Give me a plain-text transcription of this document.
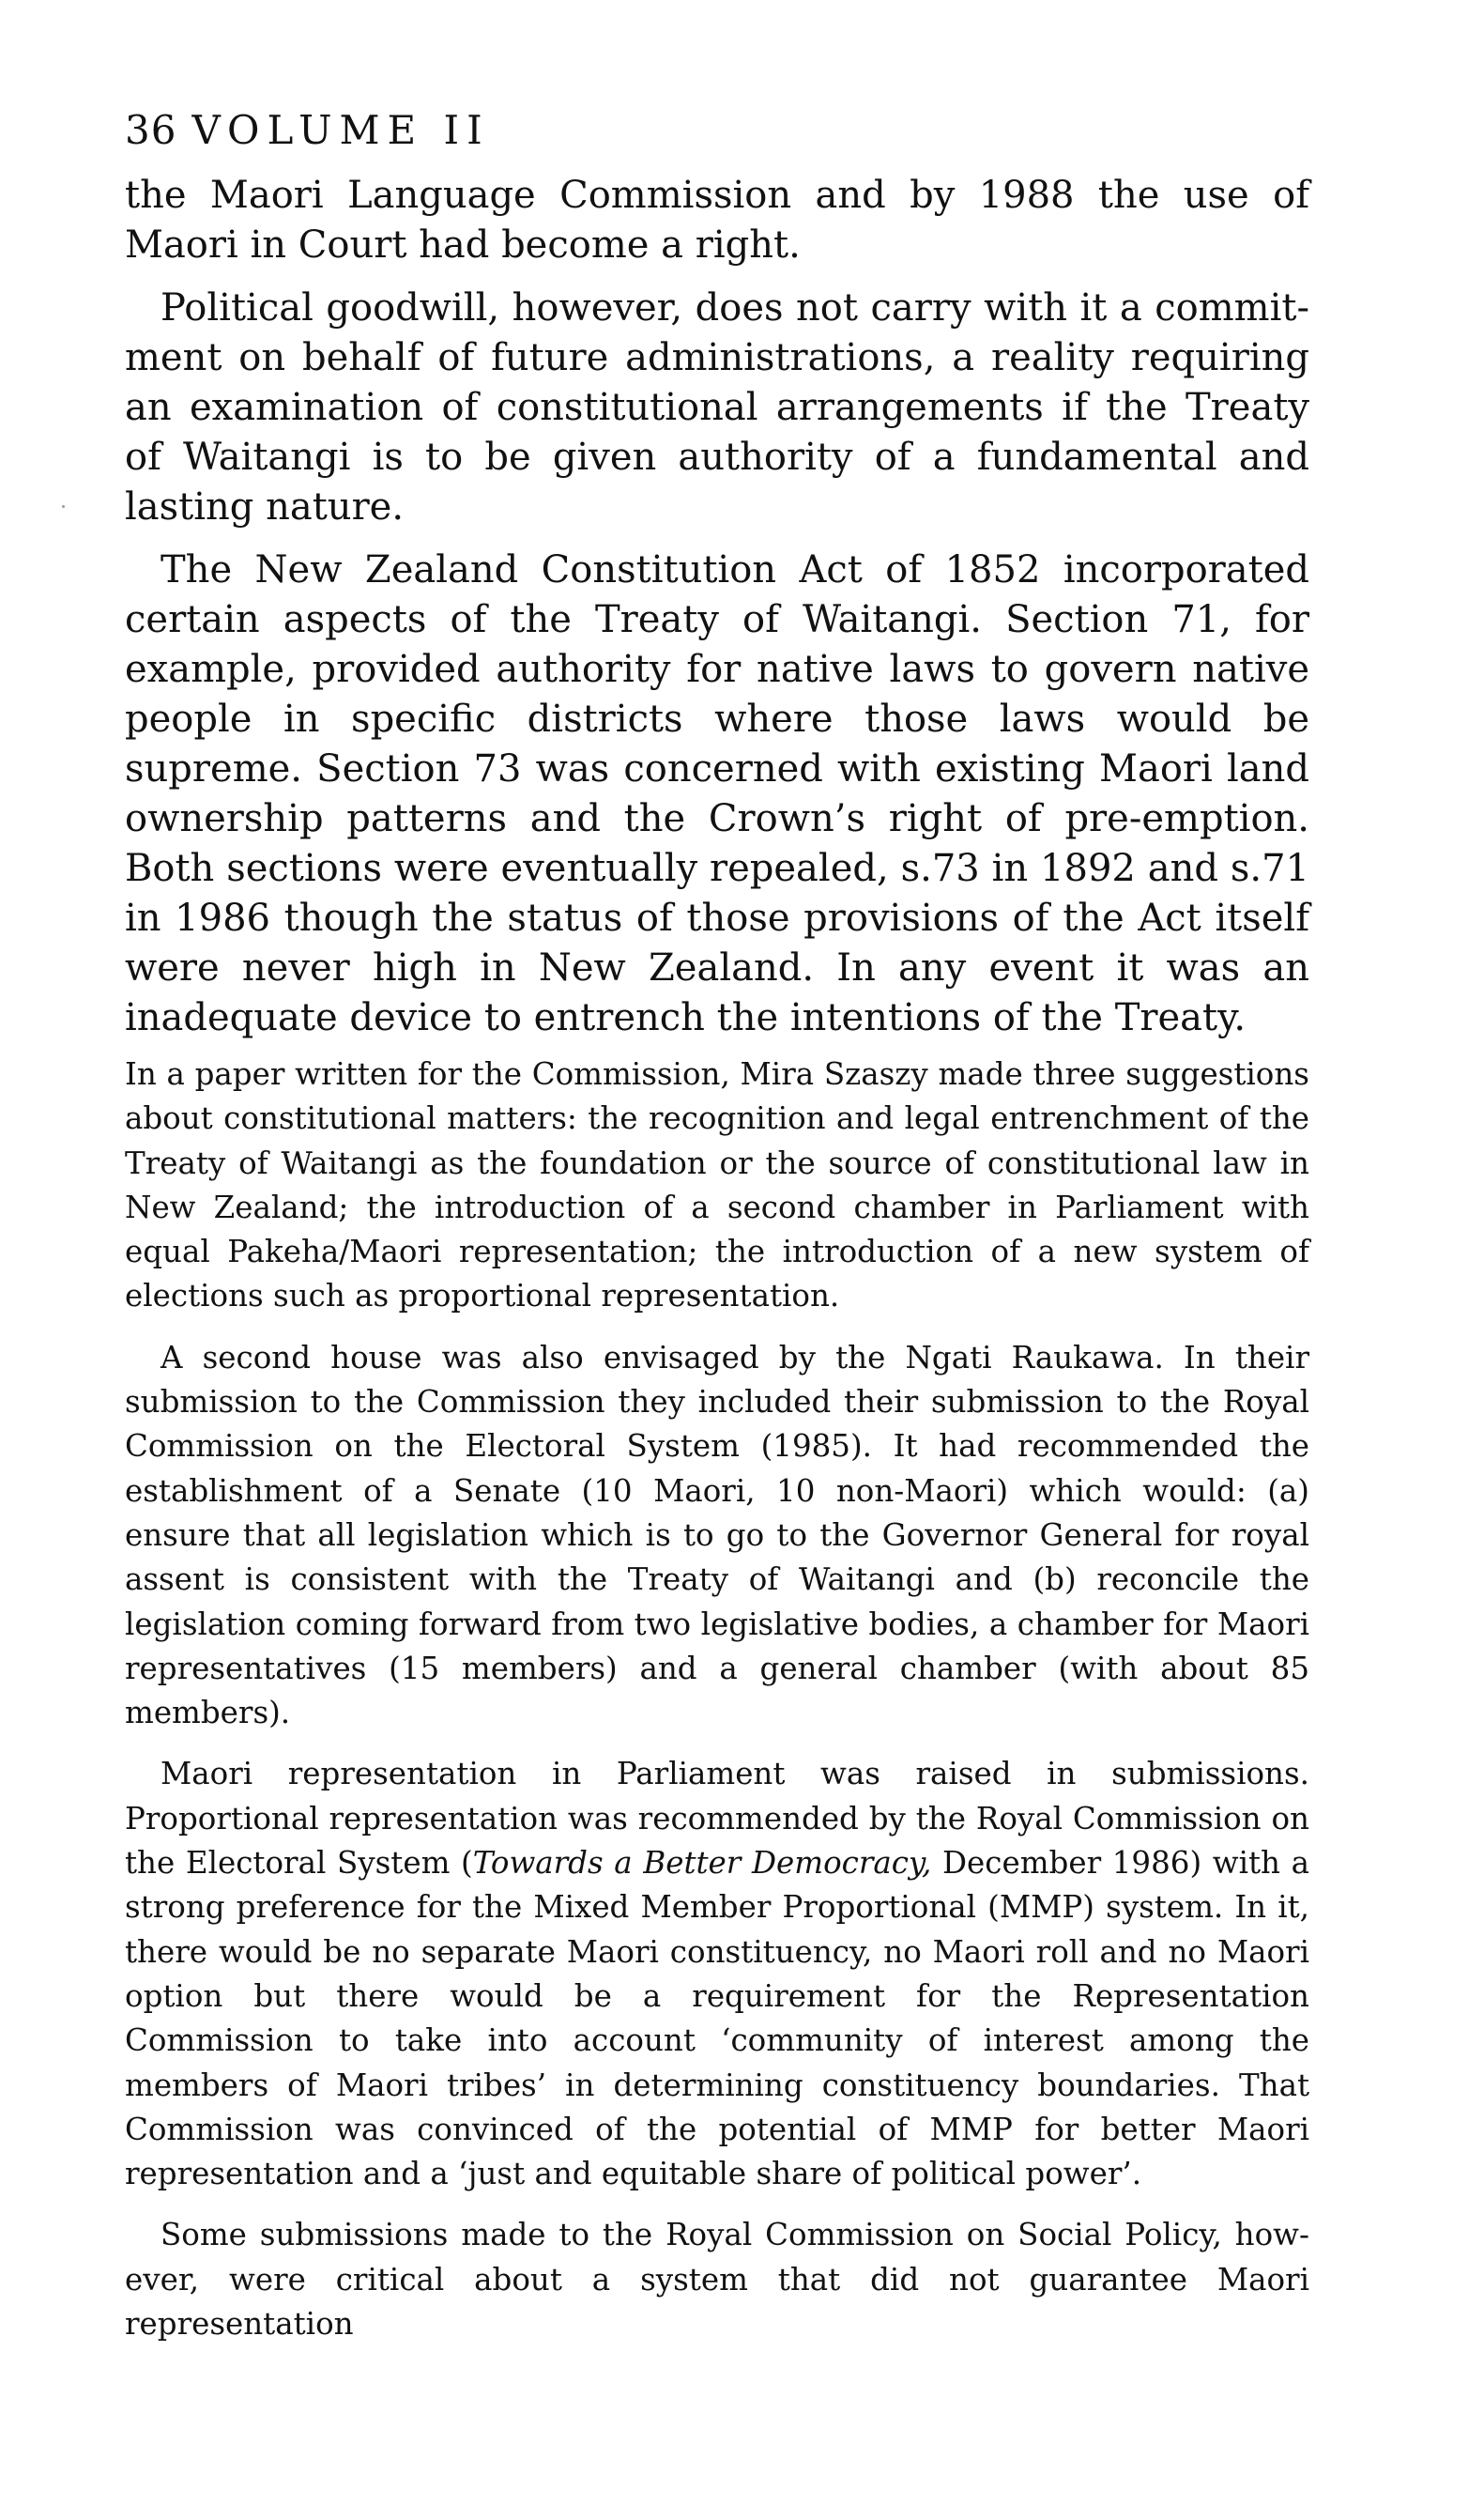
36 VOLUME II

the Maori Language Commission and by 1988 the use of Maori in Court had become a right.

Political goodwill, however, does not carry with it a commitment on behalf of future administrations, a reality requiring an examination of constitutional arrangements if the Treaty of Waitangi is to be given authority of a fundamental and lasting nature.

The New Zealand Constitution Act of 1852 incorporated certain aspects of the Treaty of Waitangi. Section 71, for example, provided authority for native laws to govern native people in specific districts where those laws would be supreme. Section 73 was concerned with existing Maori land ownership patterns and the Crown’s right of pre-emption. Both sections were eventually repealed, s.73 in 1892 and s.71 in 1986 though the status of those provisions of the Act itself were never high in New Zealand. In any event it was an inadequate device to entrench the intentions of the Treaty.

In a paper written for the Commission, Mira Szaszy made three suggestions about constitutional matters: the recognition and legal entrenchment of the Treaty of Waitangi as the foundation or the source of constitutional law in New Zealand; the introduction of a second chamber in Parliament with equal Pakeha/Maori representation; the introduction of a new system of elections such as proportional representation.

A second house was also envisaged by the Ngati Raukawa. In their submission to the Commission they included their submission to the Royal Commission on the Electoral System (1985). It had recommended the establishment of a Senate (10 Maori, 10 non-Maori) which would: (a) ensure that all legislation which is to go to the Governor General for royal assent is consistent with the Treaty of Waitangi and (b) reconcile the legislation coming forward from two legislative bodies, a chamber for Maori representatives (15 members) and a general chamber (with about 85 members).

Maori representation in Parliament was raised in submissions. Proportional representation was recommended by the Royal Commission on the Electoral System (Towards a Better Democracy, December 1986) with a strong preference for the Mixed Member Proportional (MMP) system. In it, there would be no separate Maori constituency, no Maori roll and no Maori option but there would be a requirement for the Representation Commission to take into account ‘community of interest among the members of Maori tribes’ in determining constituency boundaries. That Commission was convinced of the potential of MMP for better Maori representation and a ‘just and equitable share of political power’.

Some submissions made to the Royal Commission on Social Policy, however, were critical about a system that did not guarantee Maori representation
